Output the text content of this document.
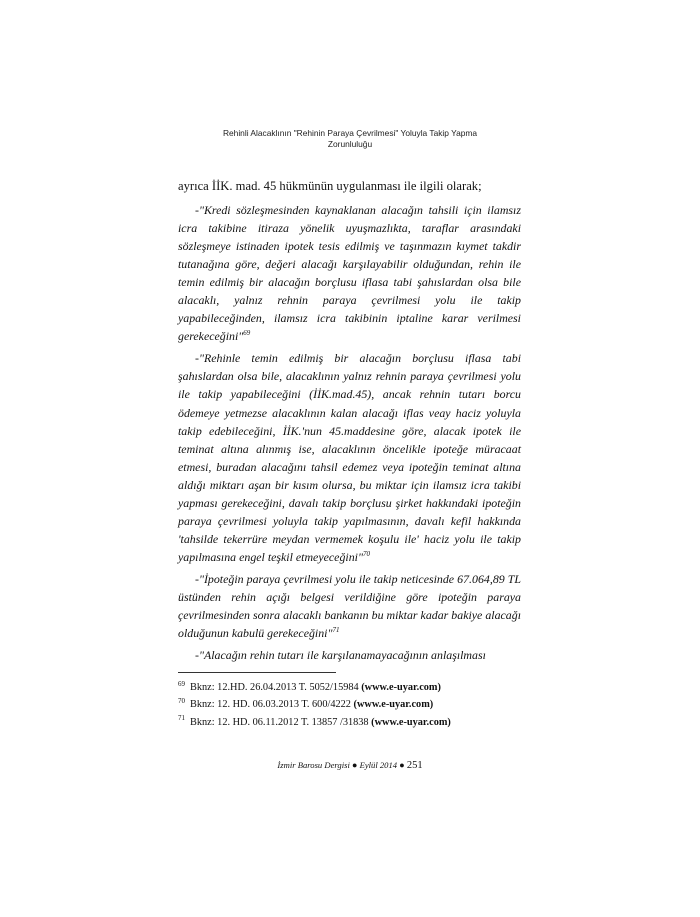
Rehinli Alacaklının "Rehinin Paraya Çevrilmesi" Yoluyla Takip Yapma
Zorunluluğu

ayrıca İİK. mad. 45 hükmünün uygulanması ile ilgili olarak;

-"Kredi sözleşmesinden kaynaklanan alacağın tahsili için ilamsız icra takibine itiraza yönelik uyuşmazlıkta, taraflar arasındaki sözleşmeye istinaden ipotek tesis edilmiş ve taşınmazın kıymet takdir tutanağına göre, değeri alacağı karşılayabilir olduğundan, rehin ile temin edilmiş bir alacağın borçlusu iflasa tabi şahıslardan olsa bile alacaklı, yalnız rehnin paraya çevrilmesi yolu ile takip yapabileceğinden, ilamsız icra takibinin iptaline karar verilmesi gerekeceğini"$^{69}$

-"Rehinle temin edilmiş bir alacağın borçlusu iflasa tabi şahıslardan olsa bile, alacaklının yalnız rehnin paraya çevrilmesi yolu ile takip yapabileceğini (İİK.mad.45), ancak rehnin tutarı borcu ödemeye yetmezse alacaklının kalan alacağı iflas veay haciz yoluyla takip edebileceğini, İİK.'nun 45.maddesine göre, alacak ipotek ile teminat altına alınmış ise, alacaklının öncelikle ipoteğe müracaat etmesi, buradan alacağını tahsil edemez veya ipoteğin teminat altına aldığı miktarı aşan bir kısım olursa, bu miktar için ilamsız icra takibi yapması gerekeceğini, davalı takip borçlusu şirket hakkındaki ipoteğin paraya çevrilmesi yoluyla takip yapılmasının, davalı kefil hakkında 'tahsilde tekerrüre meydan vermemek koşulu ile' haciz yolu ile takip yapılmasına engel teşkil etmeyeceğini"$^{70}$

-"İpoteğin paraya çevrilmesi yolu ile takip neticesinde 67.064,89 TL üstünden rehin açığı belgesi verildiğine göre ipoteğin paraya çevrilmesinden sonra alacaklı bankanın bu miktar kadar bakiye alacağı olduğunun kabulü gerekeceğini"$^{71}$

-"Alacağın rehin tutarı ile karşılanamayacağının anlaşılması

69 Bknz: 12.HD. 26.04.2013 T. 5052/15984 (www.e-uyar.com)
70 Bknz: 12. HD. 06.03.2013 T. 600/4222 (www.e-uyar.com)
71 Bknz: 12. HD. 06.11.2012 T. 13857 /31838 (www.e-uyar.com)
İzmir Barosu Dergisi ● Eylül 2014 ● 251
